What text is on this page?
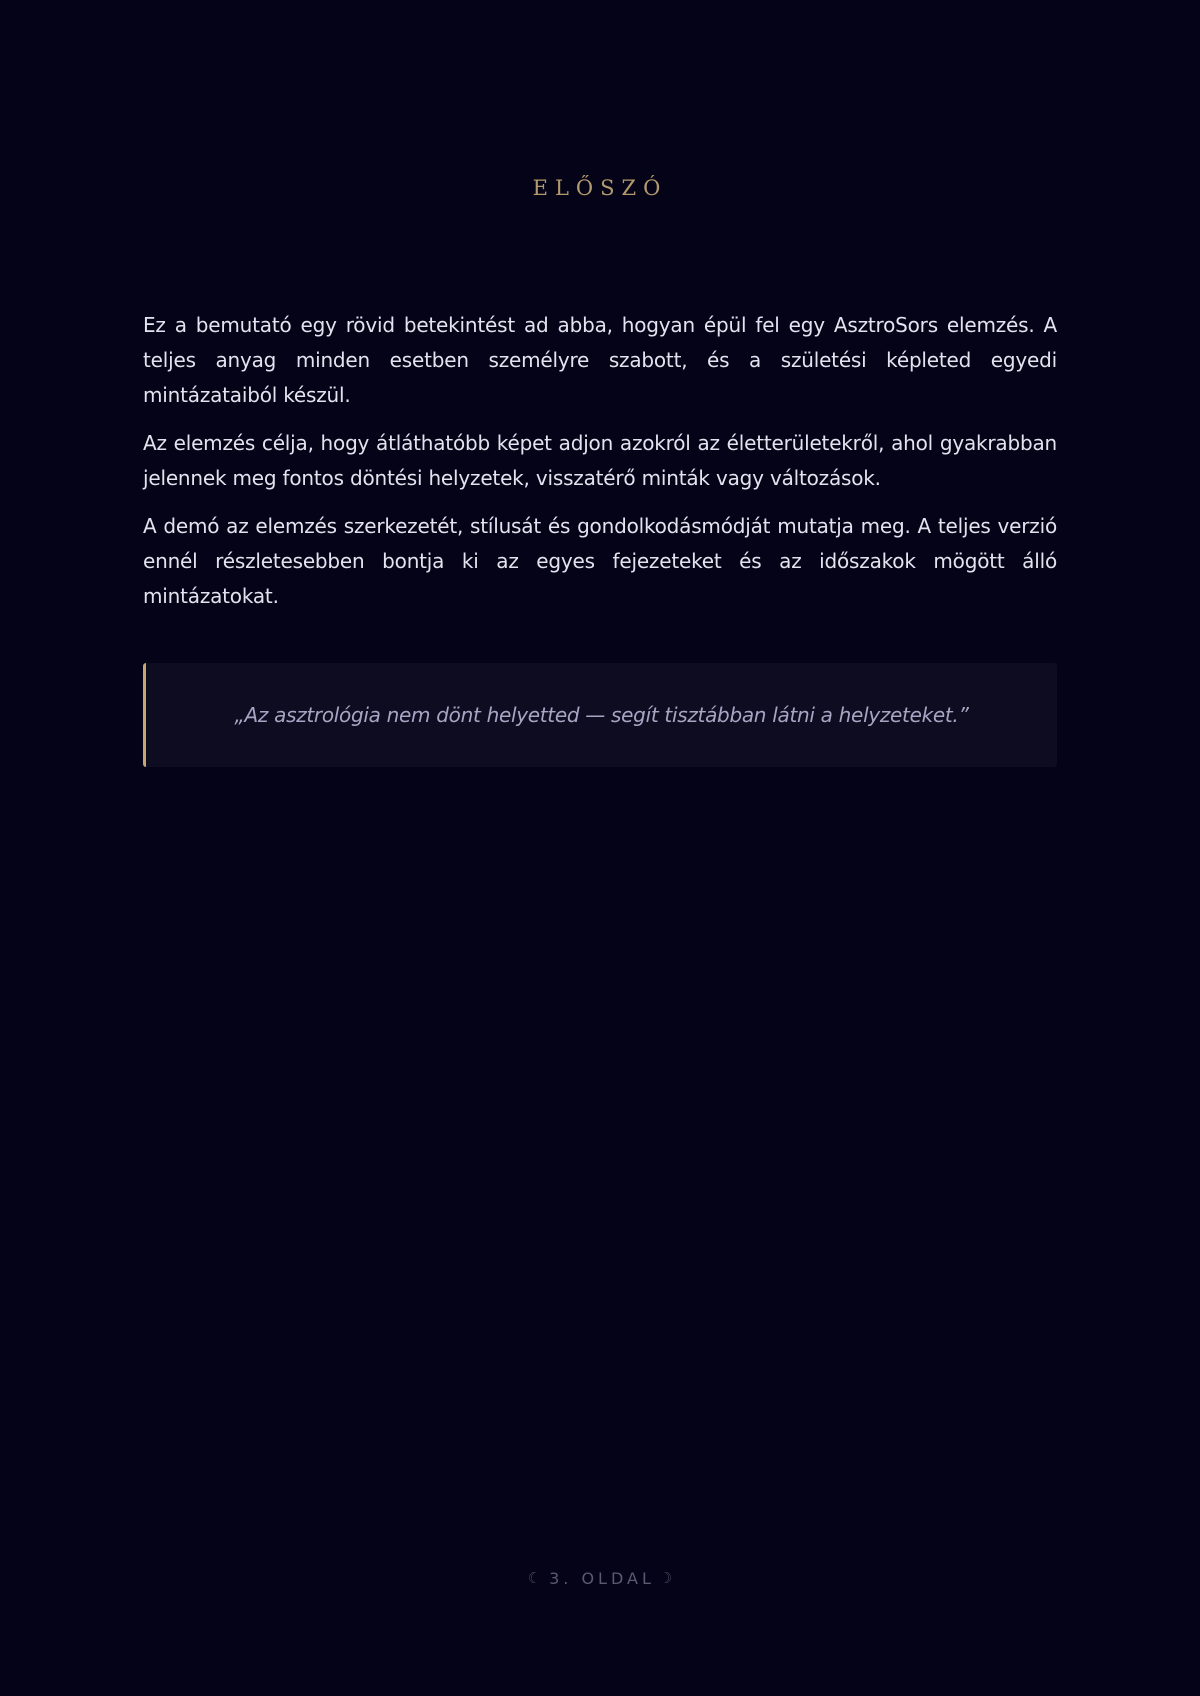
ELŐSZÓ

Ez a bemutató egy rövid betekintést ad abba, hogyan épül fel egy AsztroSors elemzés. A teljes anyag minden esetben személyre szabott, és a születési képleted egyedi mintázataiból készül.

Az elemzés célja, hogy átláthatóbb képet adjon azokról az életterületekről, ahol gyakrabban jelennek meg fontos döntési helyzetek, visszatérő minták vagy változások.

A demó az elemzés szerkezetét, stílusát és gondolkodásmódját mutatja meg. A teljes verzió ennél részletesebben bontja ki az egyes fejezeteket és az időszakok mögött álló mintázatokat.

„Az asztrológia nem dönt helyetted — segít tisztábban látni a helyzeteket.”
☾ 3. OLDAL ☽
